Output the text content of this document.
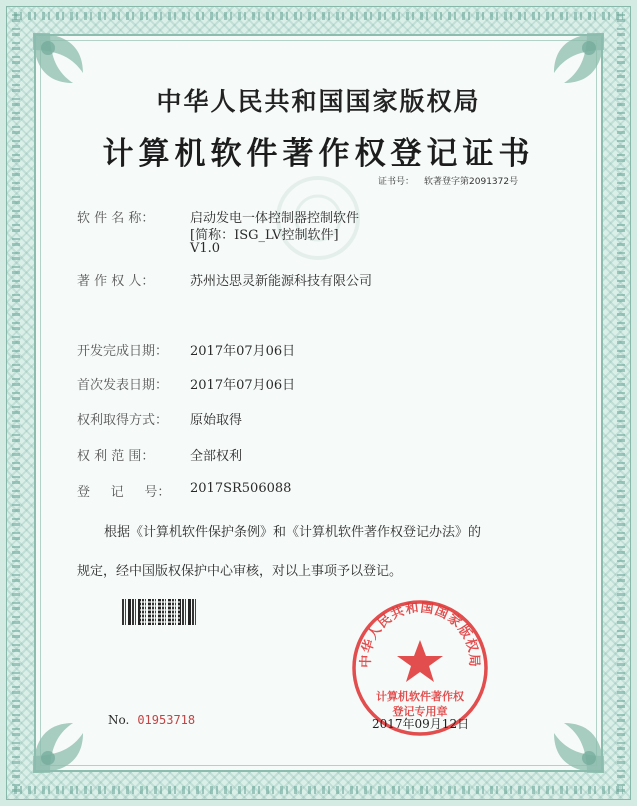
中华人民共和国国家版权局
计算机软件著作权登记证书
证书号： 软著登字第2091372号
软 件 名 称：	启动发电一体控制器控制软件
[简称：ISG_LV控制软件]
V1.0
著 作 权 人：	苏州达思灵新能源科技有限公司
开发完成日期：	2017年07月06日
首次发表日期：	2017年07月06日
权利取得方式：	原始取得
权 利 范 围：	全部权利
登     记     号：	2017SR506088
根据《计算机软件保护条例》和《计算机软件著作权登记办法》的
规定，经中国版权保护中心审核，对以上事项予以登记。
No. 01953718
中华人民共和国国家版权局
计算机软件著作权
登记专用章
2017年09月12日
